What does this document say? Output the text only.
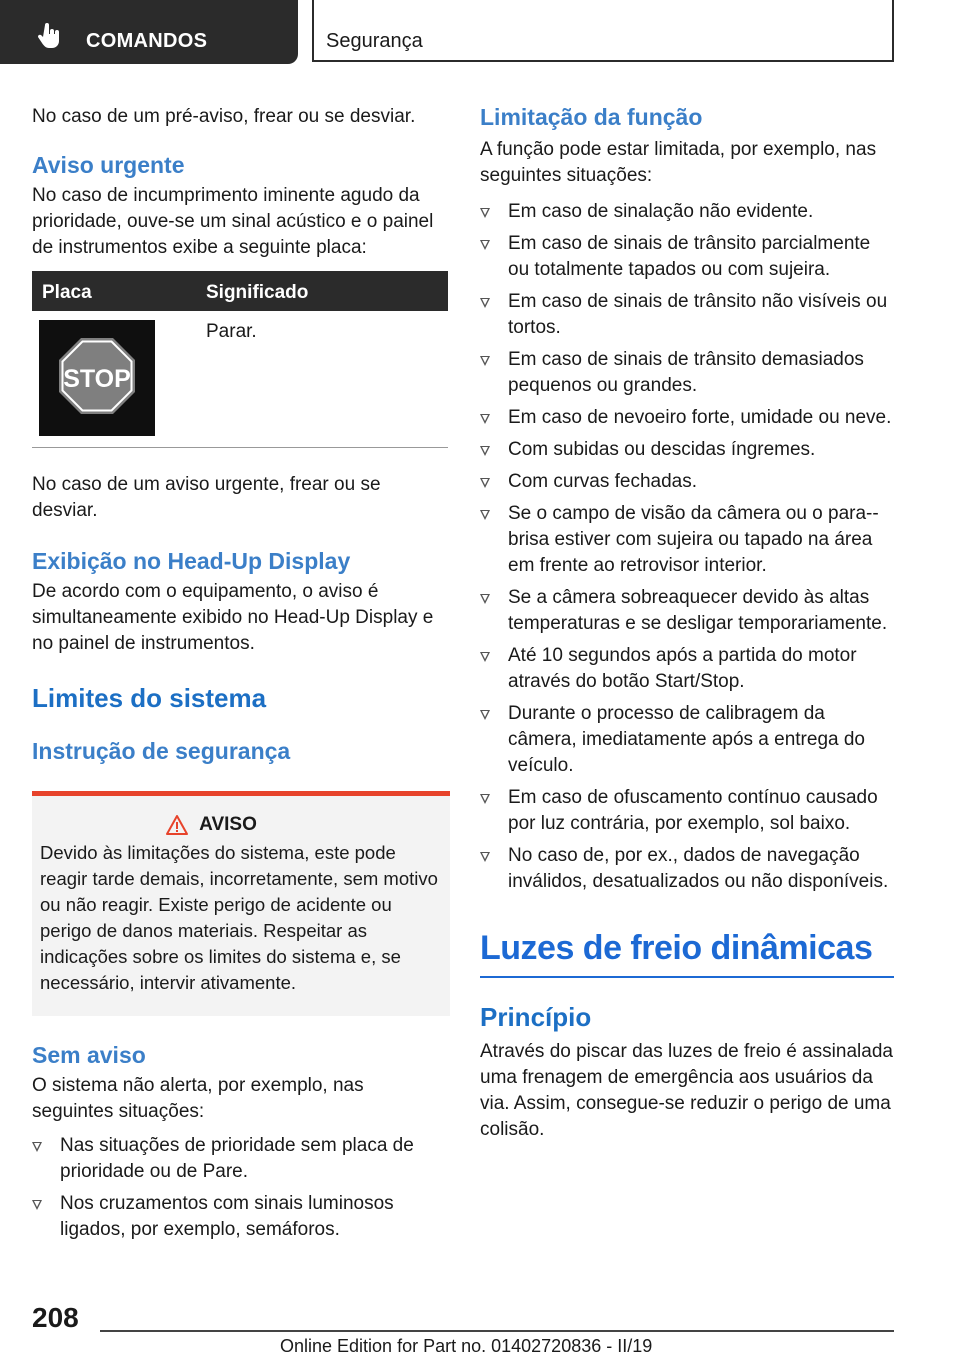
COMANDOS	Segurança

No caso de um pré-aviso, frear ou se desviar.

Aviso urgente

No caso de incumprimento iminente agudo da prioridade, ouve-se um sinal acústico e o painel de instrumentos exibe a seguinte placa:

Placa	Significado
STOP
Parar.

No caso de um aviso urgente, frear ou se desviar.

Exibição no Head-Up Display

De acordo com o equipamento, o aviso é simultaneamente exibido no Head-Up Display e no painel de instrumentos.

Limites do sistema
Instrução de segurança
AVISO

Devido às limitações do sistema, este pode reagir tarde demais, incorretamente, sem motivo ou não reagir. Existe perigo de acidente ou perigo de danos materiais. Respeitar as indicações sobre os limites do sistema e, se necessário, intervir ativamente.

Sem aviso

O sistema não alerta, por exemplo, nas seguintes situações:

Nas situações de prioridade sem placa de prioridade ou de Pare.
Nos cruzamentos com sinais luminosos ligados, por exemplo, semáforos.
Limitação da função

A função pode estar limitada, por exemplo, nas seguintes situações:

Em caso de sinalação não evidente.
Em caso de sinais de trânsito parcialmente ou totalmente tapados ou com sujeira.
Em caso de sinais de trânsito não visíveis ou tortos.
Em caso de sinais de trânsito demasiados pequenos ou grandes.
Em caso de nevoeiro forte, umidade ou neve.
Com subidas ou descidas íngremes.
Com curvas fechadas.
Se o campo de visão da câmera ou o para--brisa estiver com sujeira ou tapado na área em frente ao retrovisor interior.
Se a câmera sobreaquecer devido às altas temperaturas e se desligar temporariamente.
Até 10 segundos após a partida do motor através do botão Start/Stop.
Durante o processo de calibragem da câmera, imediatamente após a entrega do veículo.
Em caso de ofuscamento contínuo causado por luz contrária, por exemplo, sol baixo.
No caso de, por ex., dados de navegação inválidos, desatualizados ou não disponíveis.
Luzes de freio dinâmicas
Princípio

Através do piscar das luzes de freio é assinalada uma frenagem de emergência aos usuários da via. Assim, consegue-se reduzir o perigo de uma colisão.

208
Online Edition for Part no. 01402720836 - II/19
